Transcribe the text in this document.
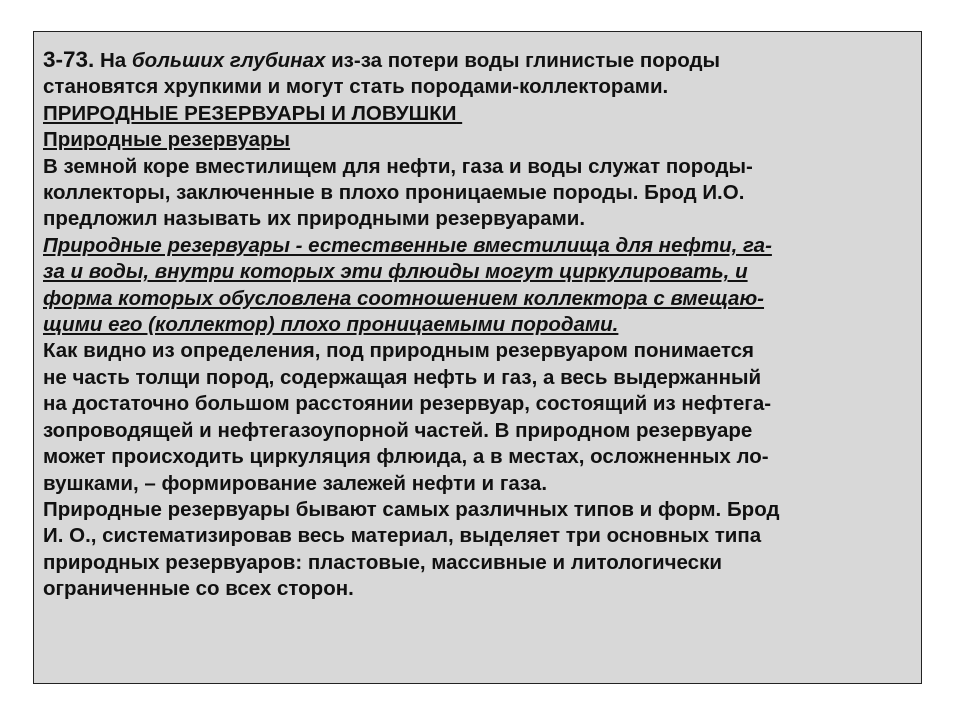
3-73. На больших глубинах из-за потери воды глинистые породы
становятся хрупкими и могут стать породами-коллекторами.
ПРИРОДНЫЕ РЕЗЕРВУАРЫ И ЛОВУШКИ
Природные резервуары
В земной коре вместилищем для нефти, газа и воды служат породы-
коллекторы, заключенные в плохо проницаемые породы. Брод И.О.
предложил называть их природными резервуарами.
Природные резервуары - естественные вместилища для нефти, га-
за и воды, внутри которых эти флюиды могут циркулировать, и
форма которых обусловлена соотношением коллектора с вмещаю-
щими его (коллектор) плохо проницаемыми породами.
Как видно из определения, под природным резервуаром понимается
не часть толщи пород, содержащая нефть и газ, а весь выдержанный
на достаточно большом расстоянии резервуар, состоящий из нефтега-
зопроводящей и нефтегазоупорной частей. В природном резервуаре
может происходить циркуляция флюида, а в местах, осложненных ло-
вушками, – формирование залежей нефти и газа.
Природные резервуары бывают самых различных типов и форм. Брод
И. О., систематизировав весь материал, выделяет три основных типа
природных резервуаров: пластовые, массивные и литологически
ограниченные со всех сторон.
